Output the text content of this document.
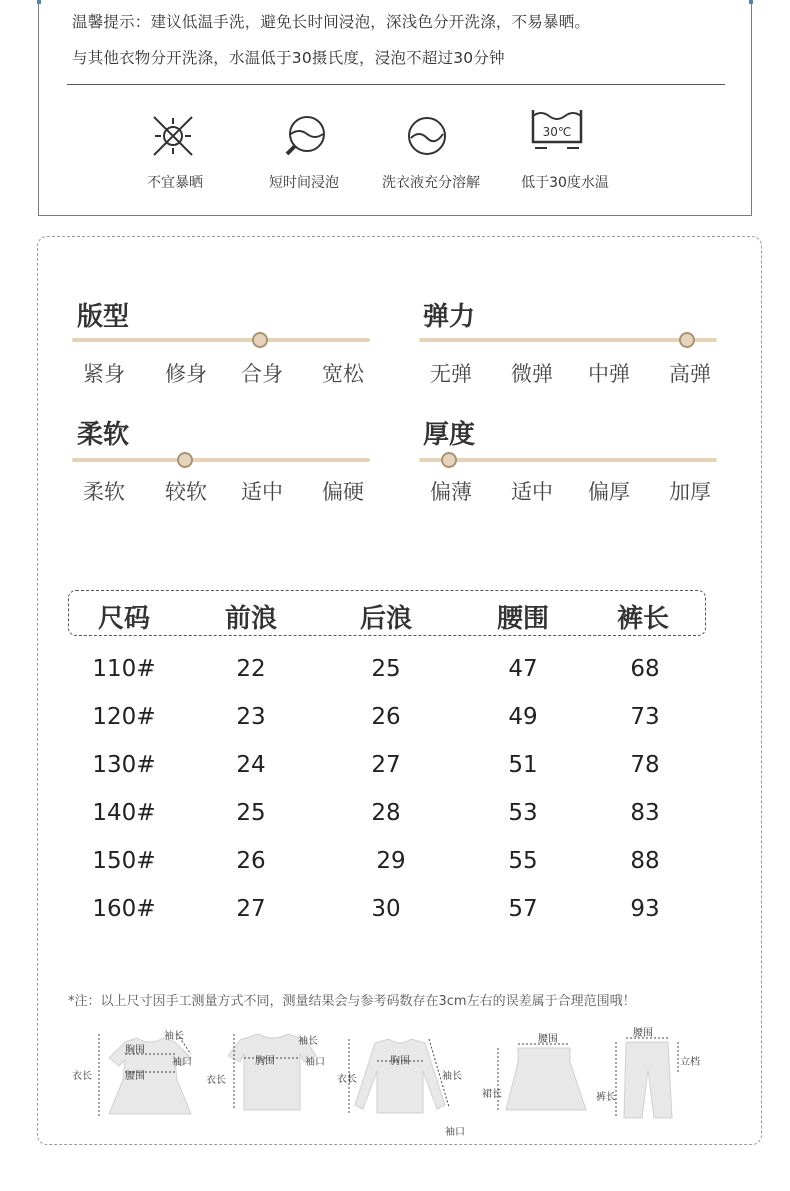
温馨提示：建议低温手洗，避免长时间浸泡，深浅色分开洗涤，不易暴晒。
与其他衣物分开洗涤，水温低于30摄氏度，浸泡不超过30分钟
30℃
不宜暴晒	短时间浸泡	洗衣液充分溶解	低于30度水温
版型
紧身 修身 合身 宽松
弹力
无弹 微弹 中弹 高弹
柔软
柔软 较软 适中 偏硬
厚度
偏薄 适中 偏厚 加厚
尺码	前浪	后浪	腰围	裤长
110#	22	25	47	68
120#	23	26	49	73
130#	24	27	51	78
140#	25	28	53	83
150#	26	29	55	88
160#	27	30	57	93
*注：以上尺寸因手工测量方式不同，测量结果会与参考码数存在3cm左右的误差属于合理范围哦！
袖长
胸围
袖口
衣长	腰围
袖长
胸围	袖口
衣长
胸围
袖长
衣长
袖口
腰围
裙长
腰围
立档
裤长
